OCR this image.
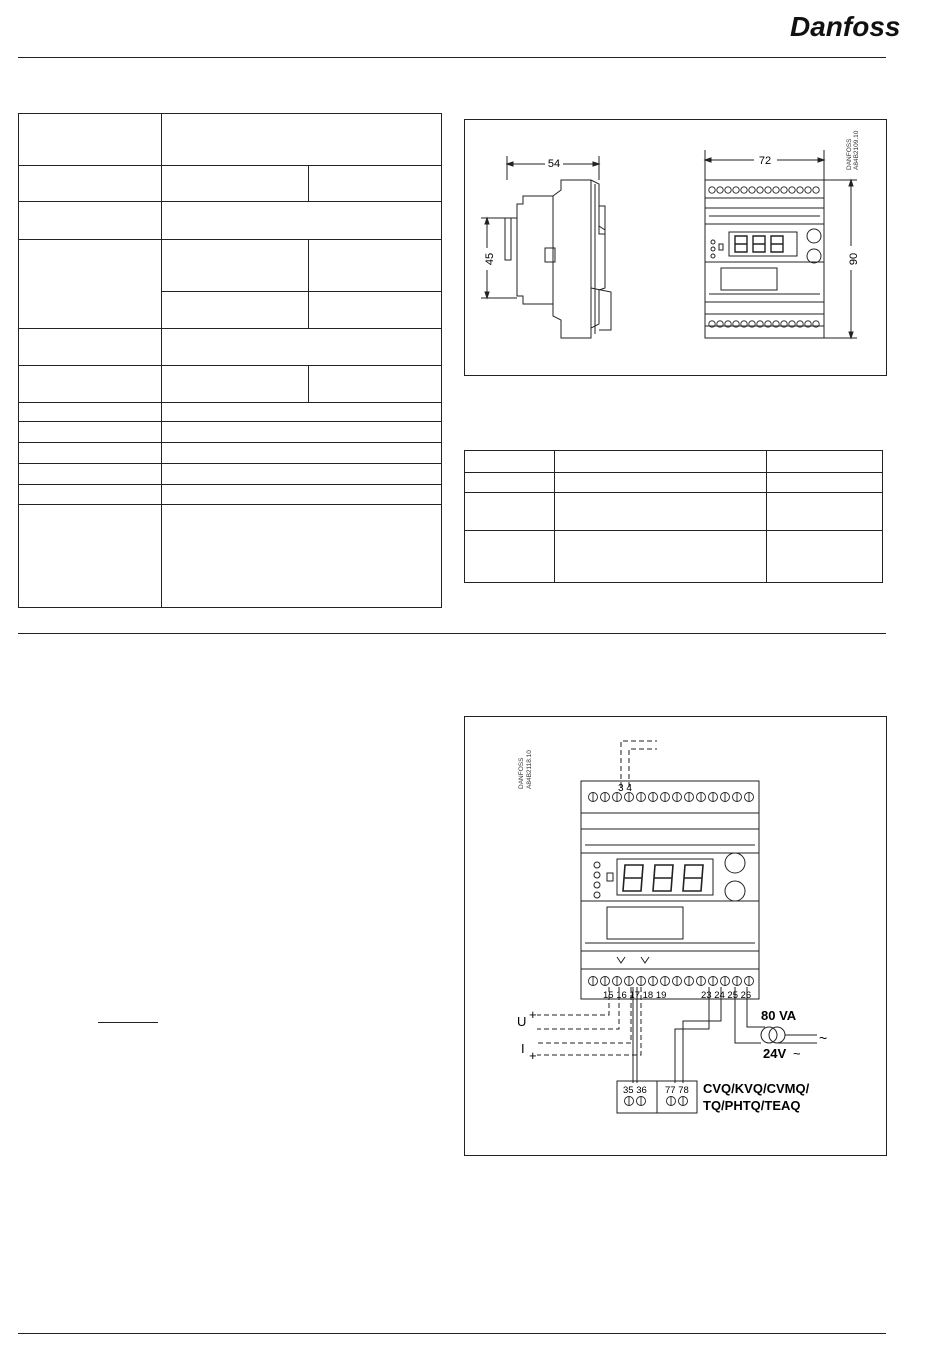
Danfoss

54
45
72
90
DANFOSS A84B2109.10

3 4
15 16 17 18 19	23 24 25 26
U +
I +
80 VA
24V ~
~
35 36 77 78 CVQ/KVQ/CVMQ/
TQ/PHTQ/TEAQ
DANFOSS A84B2118.10
